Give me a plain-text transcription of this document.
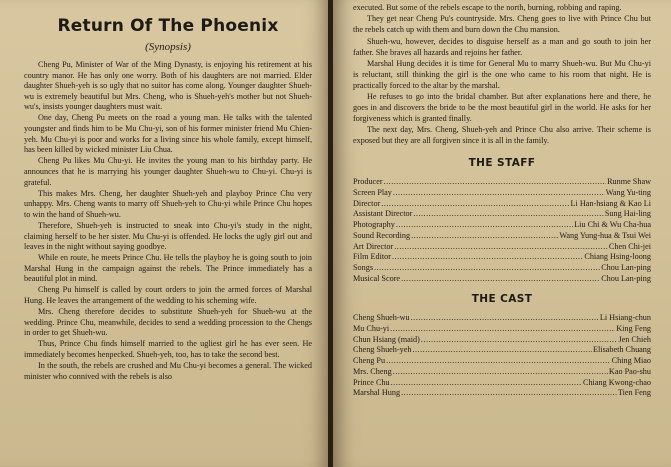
Return Of The Phoenix
(Synopsis)

Cheng Pu, Minister of War of the Ming Dynasty, is enjoying his retirement at his country manor. He has only one worry. Both of his daughters are not married. Elder daughter Shueh-yeh is so ugly that no suitor has come along. Younger daughter Shueh-wu is extremely beautiful but Mrs. Cheng, who is Shueh-yeh's mother but not Shueh-wu's, insists younger daughters must wait.

One day, Cheng Pu meets on the road a young man. He talks with the talented youngster and finds him to be Mu Chu-yi, son of his former minister friend Mu Chien-yeh. Mu Chu-yi is poor and works for a living since his whole family, except himself, has been killed by wicked minister Liu Chua.

Cheng Pu likes Mu Chu-yi. He invites the young man to his birthday party. He announces that he is marrying his younger daughter Shueh-wu to Chu-yi. Chu-yi is grateful.

This makes Mrs. Cheng, her daughter Shueh-yeh and playboy Prince Chu very unhappy. Mrs. Cheng wants to marry off Shueh-yeh to Chu-yi while Prince Chu hopes to win the hand of Shueh-wu.

Therefore, Shueh-yeh is instructed to sneak into Chu-yi's study in the night, claiming herself to be her sister. Mu Chu-yi is offended. He locks the ugly girl out and leaves in the night without saying goodbye.

While en route, he meets Prince Chu. He tells the playboy he is going south to join Marshal Hung in the campaign against the rebels. The Prince immediately has a beautiful plot in mind.

Cheng Pu himself is called by court orders to join the armed forces of Marshal Hung. He leaves the arrangement of the wedding to his scheming wife.

Mrs. Cheng therefore decides to substitute Shueh-yeh for Shueh-wu at the wedding. Prince Chu, meanwhile, decides to send a wedding procession to the Chengs in order to get Shueh-wu.

Thus, Prince Chu finds himself married to the ugliest girl he has ever seen. He immediately becomes henpecked. Shueh-yeh, too, has to take the second best.

In the south, the rebels are crushed and Mu Chu-yi becomes a general. The wicked minister who connived with the rebels is also

executed. But some of the rebels escape to the north, burning, robbing and raping.

They get near Cheng Pu's countryside. Mrs. Cheng goes to live with Prince Chu but the rebels catch up with them and burn down the Chu mansion.

Shueh-wu, however, decides to disguise herself as a man and go south to join her father. She braves all hazards and rejoins her father.

Marshal Hung decides it is time for General Mu to marry Shueh-wu. But Mu Chu-yi is reluctant, still thinking the girl is the one who came to his room that night. He is practically forced to the altar by the marshal.

He refuses to go into the bridal chamber. But after explanations here and there, he goes in and discovers the bride to be the most beautiful girl in the world. He asks for her forgiveness which is granted finally.

The next day, Mrs. Cheng, Shueh-yeh and Prince Chu also arrive. Their scheme is exposed but they are all forgiven since it is all in the family.

THE STAFF
Producer .....	Runme Shaw
Screen Play .....	Wang Yu-ting
Director .....	Li Han-hsiang & Kao Li
Assistant Director .....	Sung Hai-ling
Photography .....	Liu Chi & Wu Cha-hua
Sound Recording .....	Wang Yung-hua & Tsui Wei
Art Director .....	Chen Chi-jei
Film Editor .....	Chiang Hsing-loong
Songs .....	Chou Lan-ping
Musical Score .....	Chou Lan-ping
THE CAST
Cheng Shueh-wu .....	Li Hsiang-chun
Mu Chu-yi .....	King Feng
Chun Hsiang (maid) .....	Jen Chieh
Cheng Shueh-yeh .....	Elisabeth Chuang
Cheng Pu .....	Ching Miao
Mrs. Cheng .....	Kao Pao-shu
Prince Chu .....	Chiang Kwong-chao
Marshal Hung .....	Tien Feng
